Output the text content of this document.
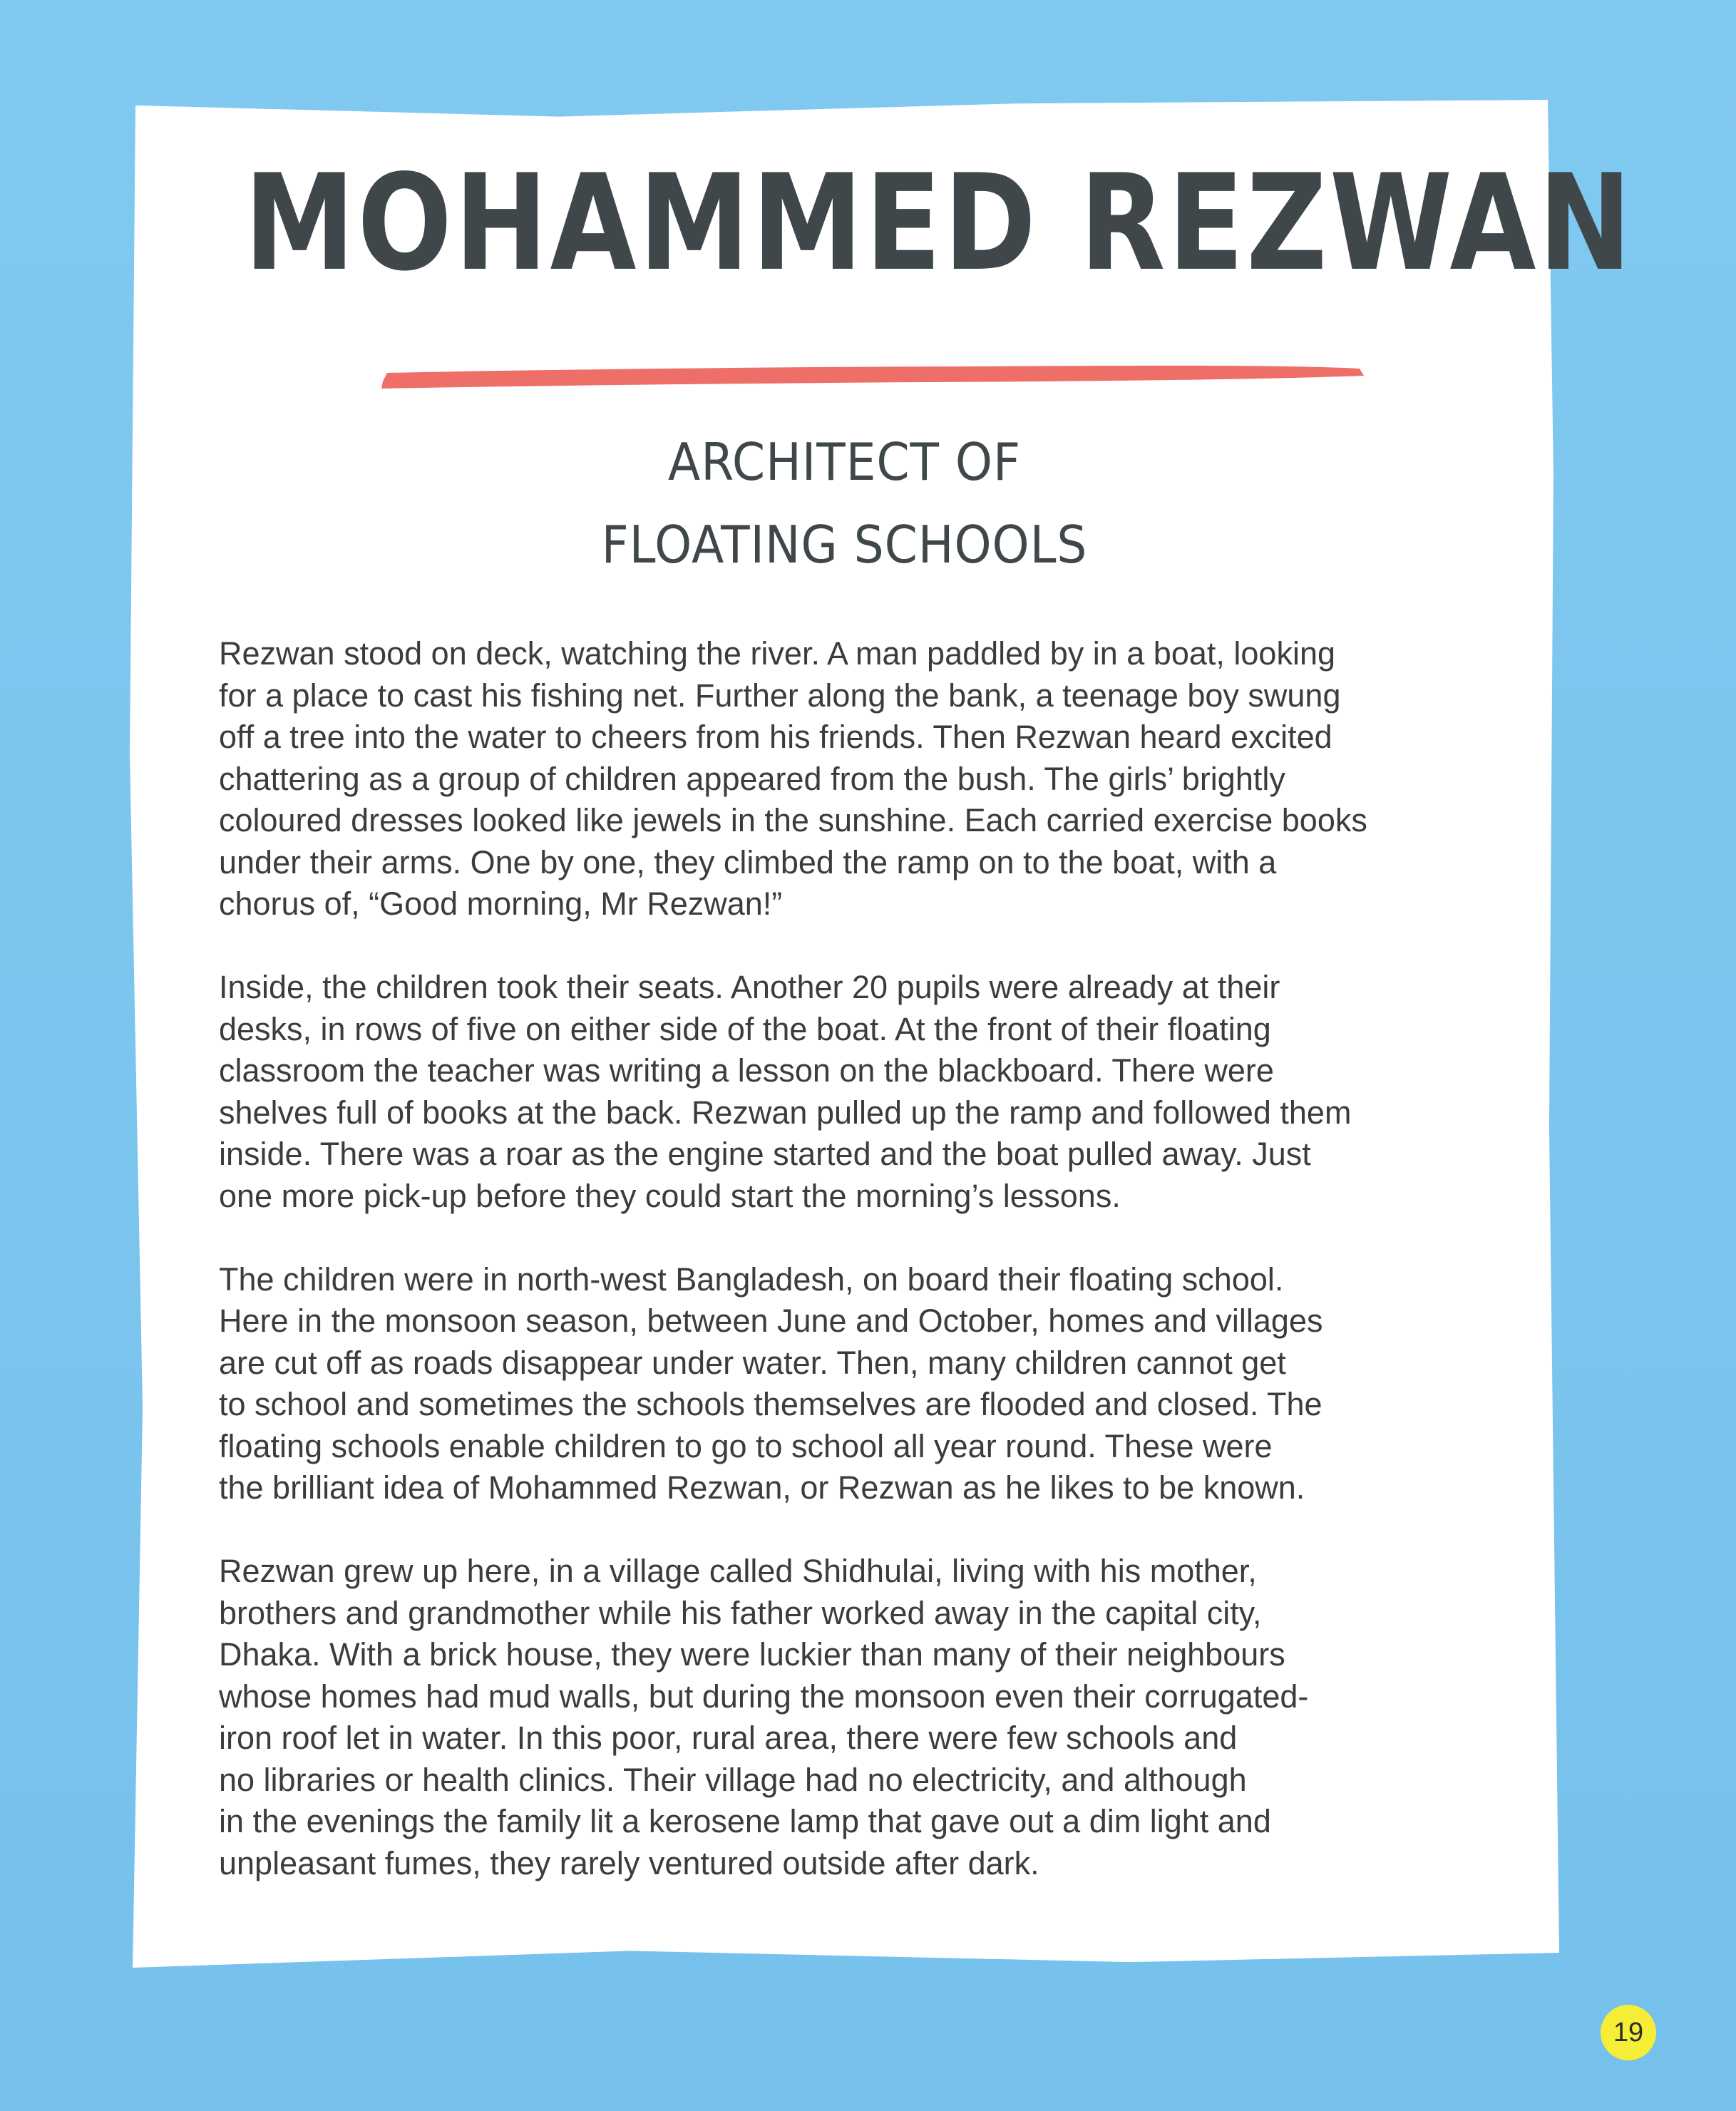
MOHAMMED REZWAN
ARCHITECT OF
FLOATING SCHOOLS

Rezwan stood on deck, watching the river. A man paddled by in a boat, looking
for a place to cast his fishing net. Further along the bank, a teenage boy swung
off a tree into the water to cheers from his friends. Then Rezwan heard excited
chattering as a group of children appeared from the bush. The girls’ brightly
coloured dresses looked like jewels in the sunshine. Each carried exercise books
under their arms. One by one, they climbed the ramp on to the boat, with a
chorus of, “Good morning, Mr Rezwan!”

Inside, the children took their seats. Another 20 pupils were already at their
desks, in rows of five on either side of the boat. At the front of their floating
classroom the teacher was writing a lesson on the blackboard. There were
shelves full of books at the back. Rezwan pulled up the ramp and followed them
inside. There was a roar as the engine started and the boat pulled away. Just
one more pick-up before they could start the morning’s lessons.

The children were in north-west Bangladesh, on board their floating school.
Here in the monsoon season, between June and October, homes and villages
are cut off as roads disappear under water. Then, many children cannot get
to school and sometimes the schools themselves are flooded and closed. The
floating schools enable children to go to school all year round. These were
the brilliant idea of Mohammed Rezwan, or Rezwan as he likes to be known.

Rezwan grew up here, in a village called Shidhulai, living with his mother,
brothers and grandmother while his father worked away in the capital city,
Dhaka. With a brick house, they were luckier than many of their neighbours
whose homes had mud walls, but during the monsoon even their corrugated-
iron roof let in water. In this poor, rural area, there were few schools and
no libraries or health clinics. Their village had no electricity, and although
in the evenings the family lit a kerosene lamp that gave out a dim light and
unpleasant fumes, they rarely ventured outside after dark.

19
